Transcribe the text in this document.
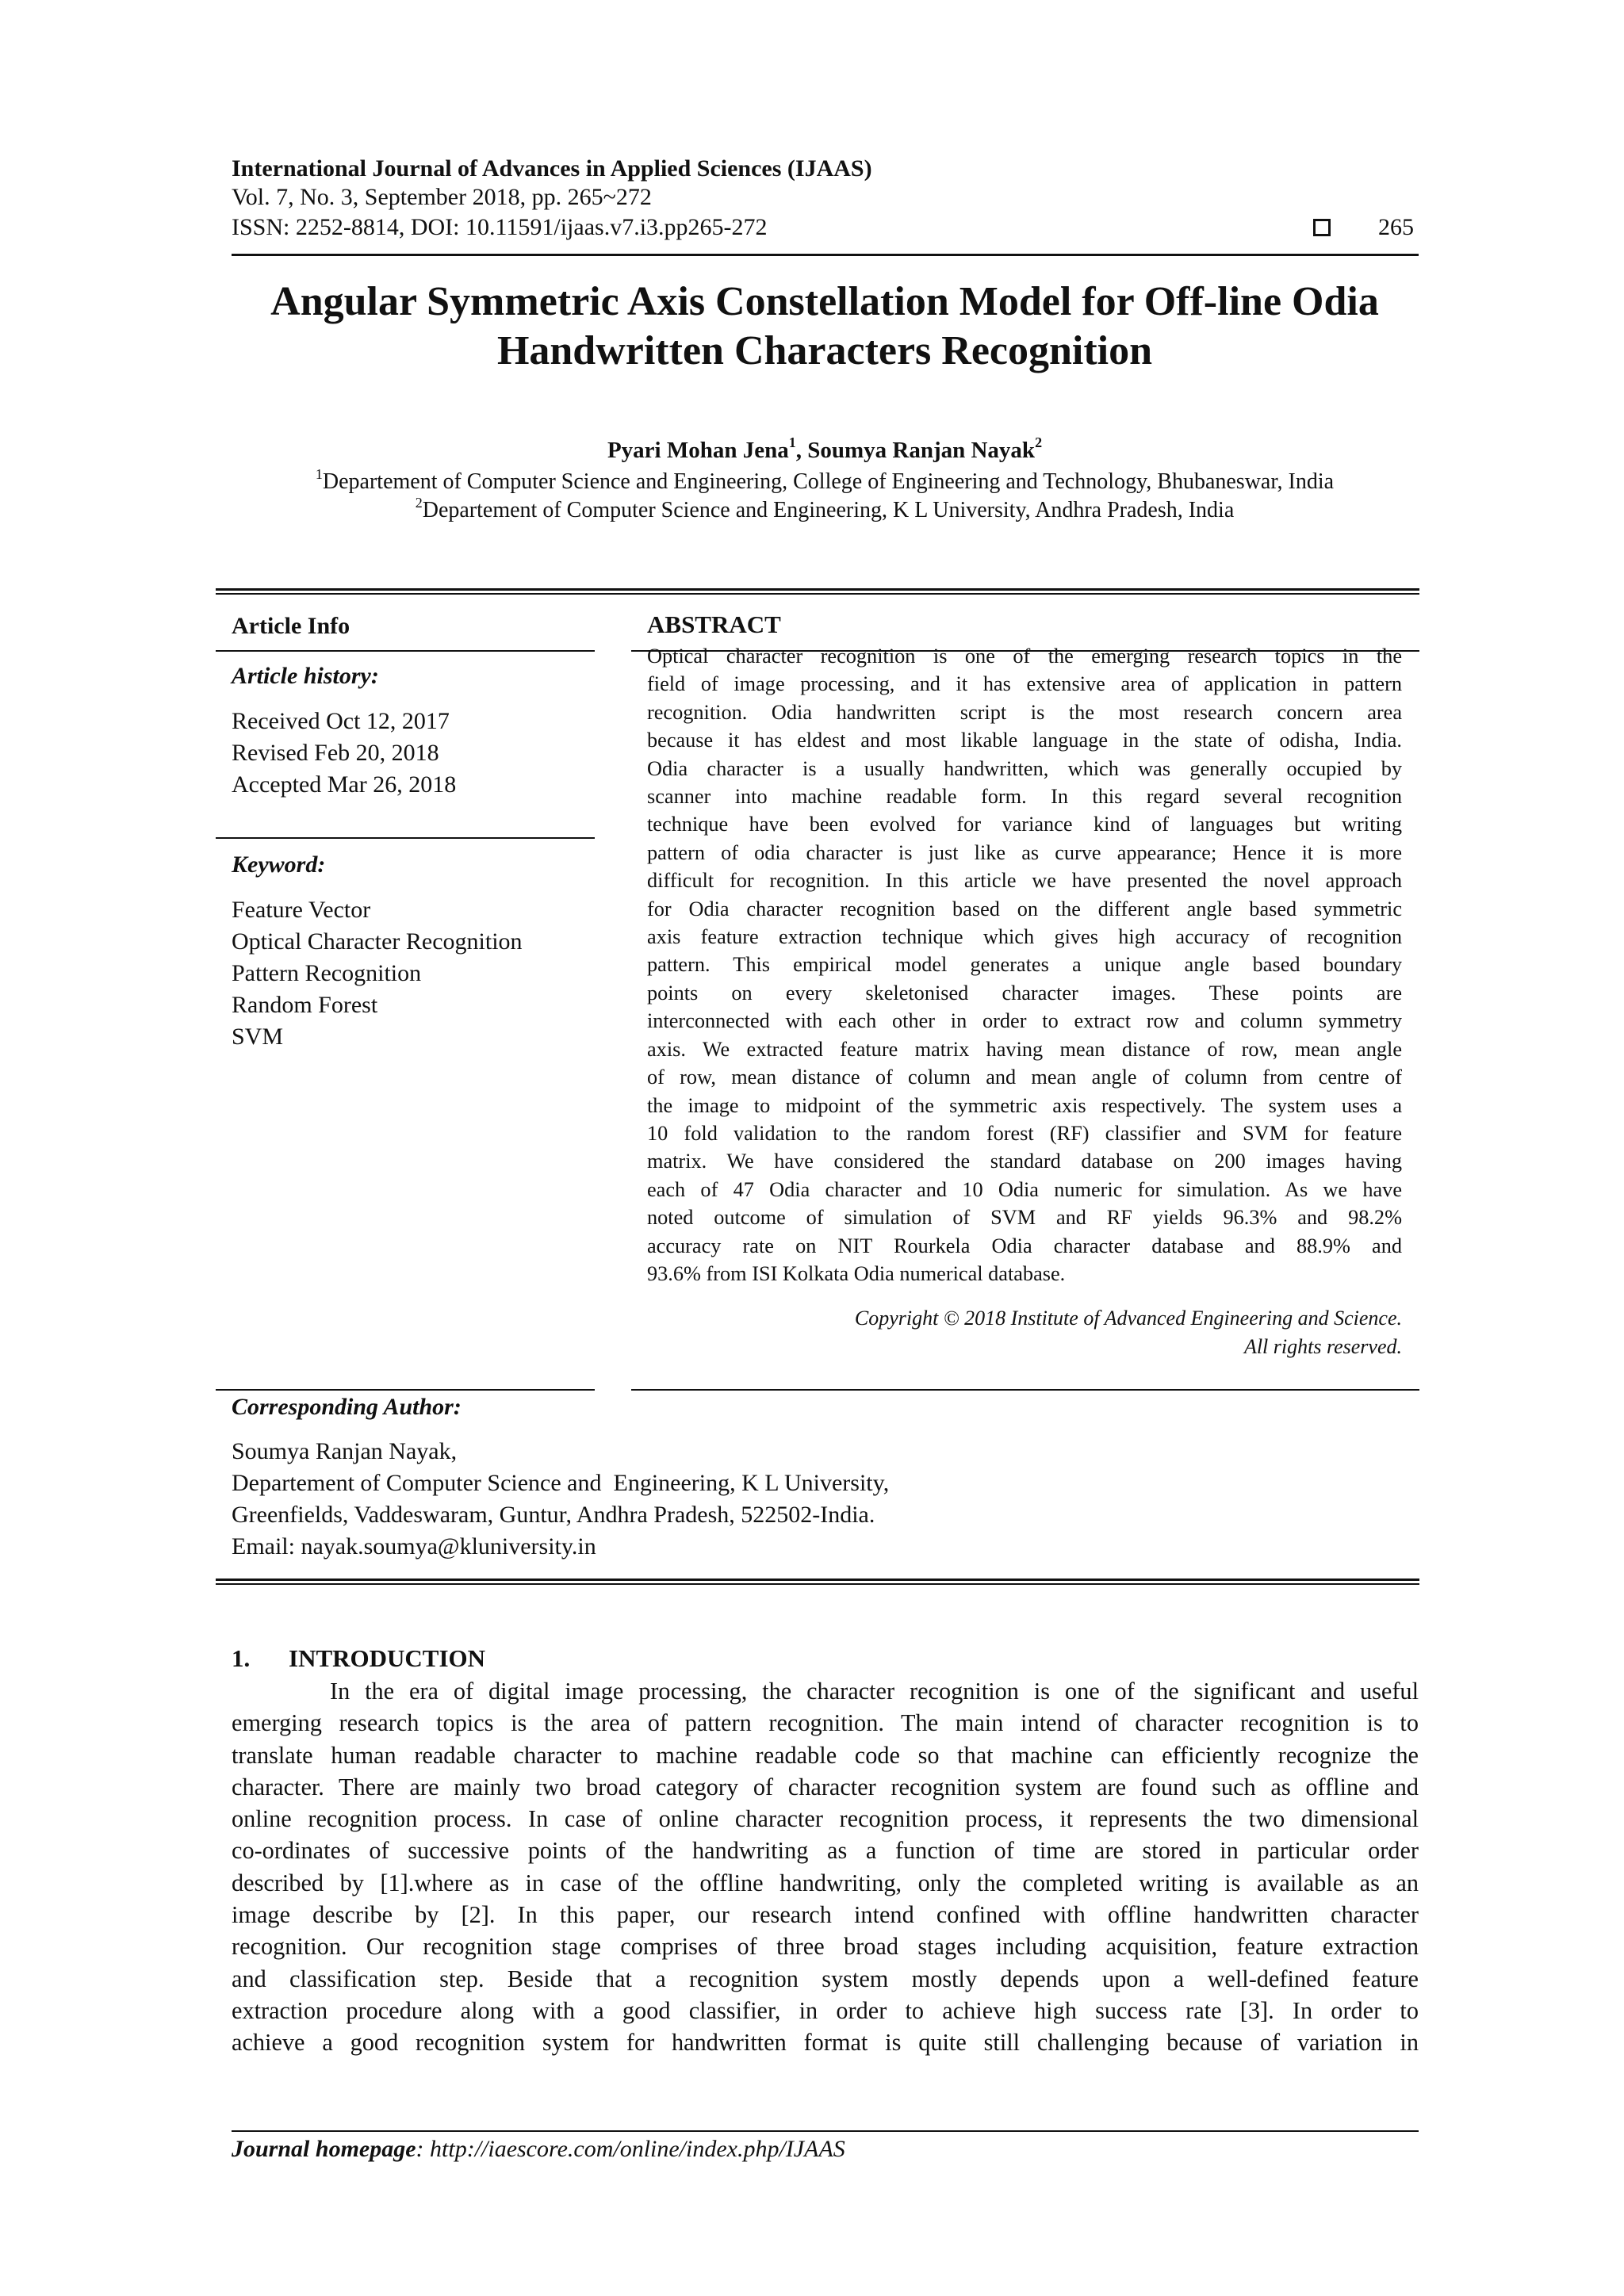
International Journal of Advances in Applied Sciences (IJAAS)
Vol. 7, No. 3, September 2018, pp. 265~272
ISSN: 2252-8814, DOI: 10.11591/ijaas.v7.i3.pp265-272	265
Angular Symmetric Axis Constellation Model for Off-line Odia
Handwritten Characters Recognition
Pyari Mohan Jena$^1$, Soumya Ranjan Nayak$^2$
$^1$Departement of Computer Science and Engineering, College of Engineering and Technology, Bhubaneswar, India
$^2$Departement of Computer Science and Engineering, K L University, Andhra Pradesh, India
Article Info
Article history:
Received Oct 12, 2017
Revised Feb 20, 2018
Accepted Mar 26, 2018
Keyword:
Feature Vector
Optical Character Recognition
Pattern Recognition
Random Forest
SVM
ABSTRACT
Optical character recognition is one of the emerging research topics in the
field of image processing, and it has extensive area of application in pattern
recognition. Odia handwritten script is the most research concern area
because it has eldest and most likable language in the state of odisha, India.
Odia character is a usually handwritten, which was generally occupied by
scanner into machine readable form. In this regard several recognition
technique have been evolved for variance kind of languages but writing
pattern of odia character is just like as curve appearance; Hence it is more
difficult for recognition. In this article we have presented the novel approach
for Odia character recognition based on the different angle based symmetric
axis feature extraction technique which gives high accuracy of recognition
pattern. This empirical model generates a unique angle based boundary
points on every skeletonised character images. These points are
interconnected with each other in order to extract row and column symmetry
axis. We extracted feature matrix having mean distance of row, mean angle
of row, mean distance of column and mean angle of column from centre of
the image to midpoint of the symmetric axis respectively. The system uses a
10 fold validation to the random forest (RF) classifier and SVM for feature
matrix. We have considered the standard database on 200 images having
each of 47 Odia character and 10 Odia numeric for simulation. As we have
noted outcome of simulation of SVM and RF yields 96.3% and 98.2%
accuracy rate on NIT Rourkela Odia character database and 88.9% and
93.6% from ISI Kolkata Odia numerical database.
Copyright © 2018 Institute of Advanced Engineering and Science.
All rights reserved.
Corresponding Author:
Soumya Ranjan Nayak,
Departement of Computer Science and  Engineering, K L University,
Greenfields, Vaddeswaram, Guntur, Andhra Pradesh, 522502-India.
Email: nayak.soumya@kluniversity.in
1. INTRODUCTION
In the era of digital image processing, the character recognition is one of the significant and useful
emerging research topics is the area of pattern recognition. The main intend of character recognition is to
translate human readable character to machine readable code so that machine can efficiently recognize the
character. There are mainly two broad category of character recognition system are found such as offline and
online recognition process. In case of online character recognition process, it represents the two dimensional
co-ordinates of successive points of the handwriting as a function of time are stored in particular order
described by [1].where as in case of the offline handwriting, only the completed writing is available as an
image describe by [2]. In this paper, our research intend confined with offline handwritten character
recognition. Our recognition stage comprises of three broad stages including acquisition, feature extraction
and classification step. Beside that a recognition system mostly depends upon a well-defined feature
extraction procedure along with a good classifier, in order to achieve high success rate [3]. In order to
achieve a good recognition system for handwritten format is quite still challenging because of variation in
Journal homepage: http://iaescore.com/online/index.php/IJAAS
